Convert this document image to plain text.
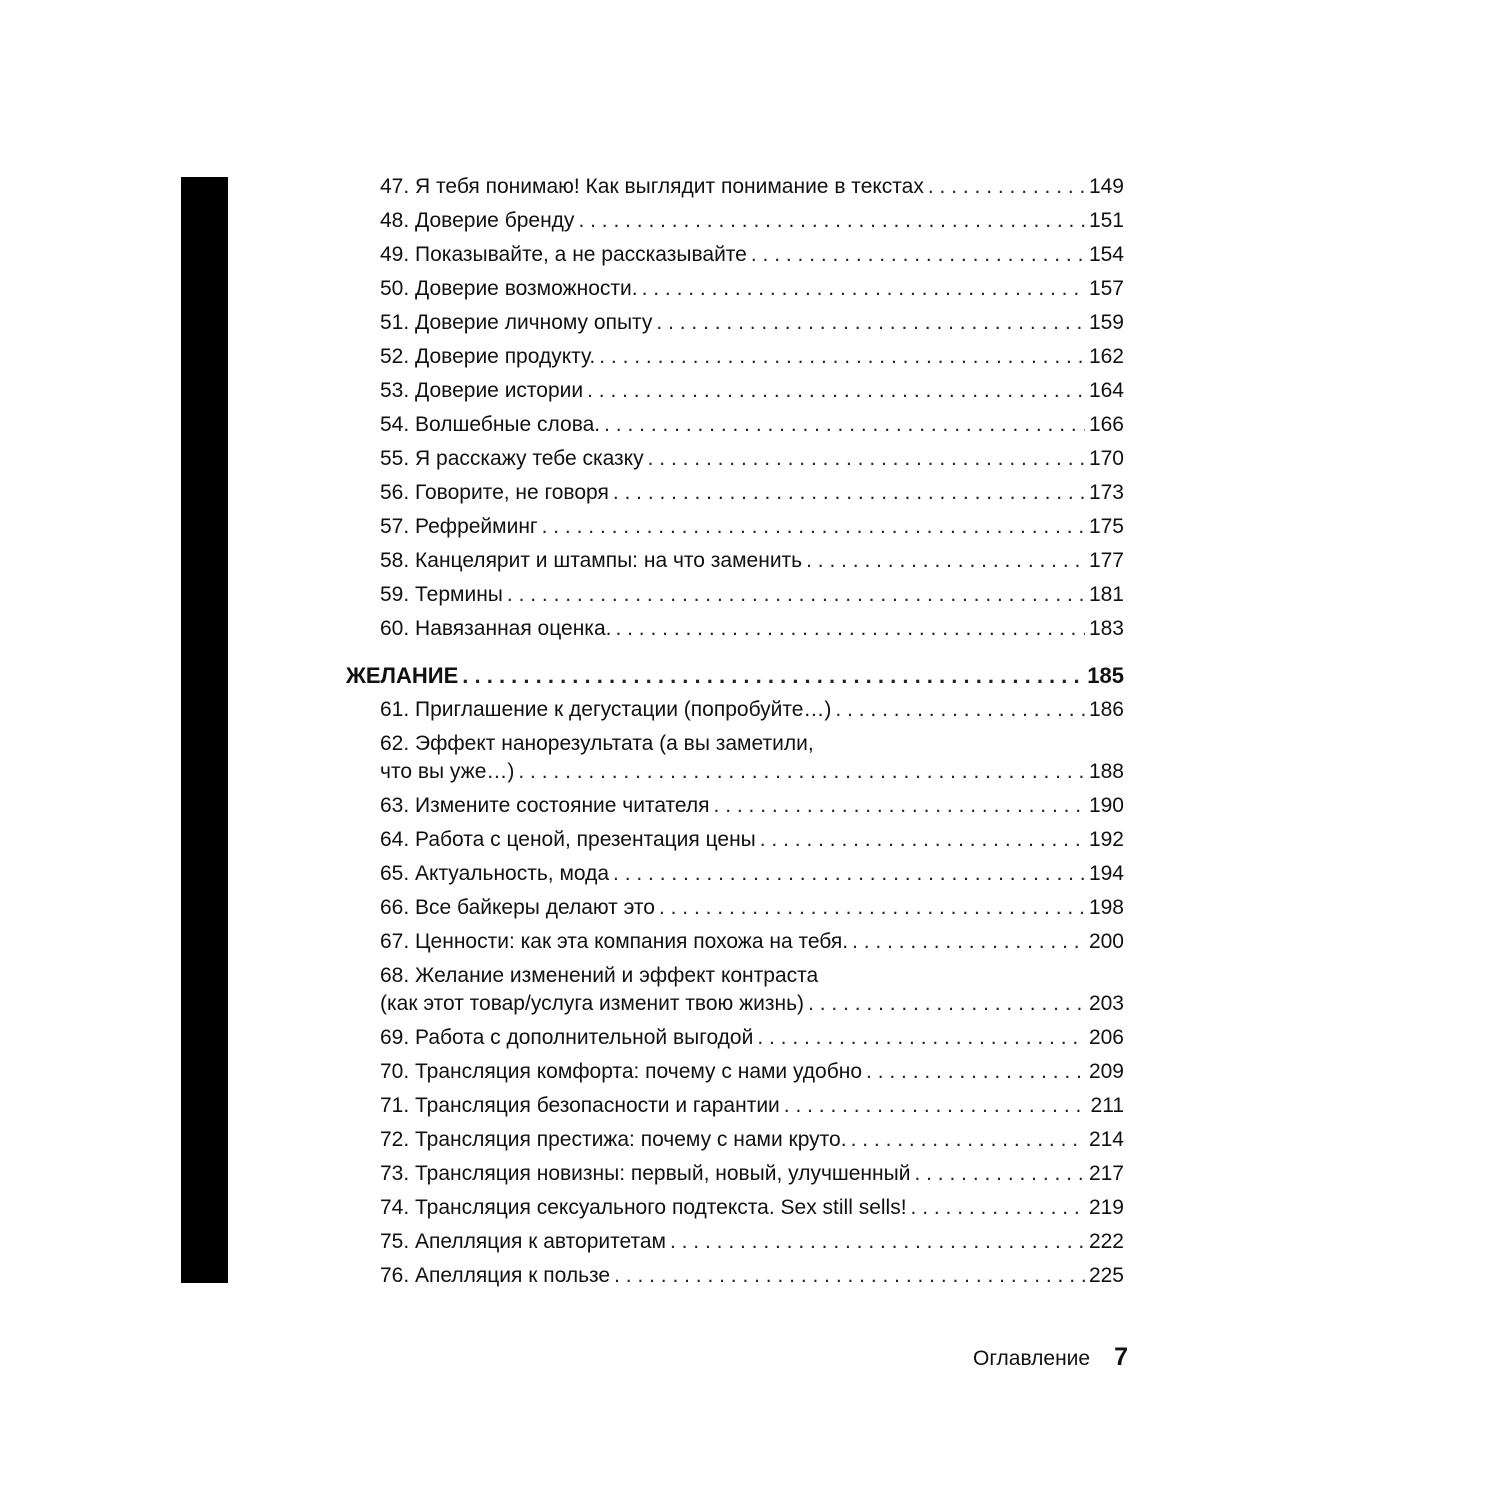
47. Я тебя понимаю! Как выглядит понимание в текстах . . .	149
48. Доверие бренду . . .	151
49. Показывайте, а не рассказывайте . . .	154
50. Доверие возможности. . . .	157
51. Доверие личному опыту . . .	159
52. Доверие продукту. . . .	162
53. Доверие истории . . .	164
54. Волшебные слова. . . .	166
55. Я расскажу тебе сказку . . .	170
56. Говорите, не говоря . . .	173
57. Рефрейминг . . .	175
58. Канцелярит и штампы: на что заменить . . .	177
59. Термины . . .	181
60. Навязанная оценка. . . .	183
ЖЕЛАНИЕ . . .	185
61. Приглашение к дегустации (попробуйте…) . . .	186
62. Эффект нанорезультата (а вы заметили,
что вы уже…) . . .	188
63. Измените состояние читателя . . .	190
64. Работа с ценой, презентация цены . . .	192
65. Актуальность, мода . . .	194
66. Все байкеры делают это . . .	198
67. Ценности: как эта компания похожа на тебя. . . .	200
68. Желание изменений и эффект контраста
(как этот товар/услуга изменит твою жизнь) . . .	203
69. Работа с дополнительной выгодой . . .	206
70. Трансляция комфорта: почему с нами удобно . . .	209
71. Трансляция безопасности и гарантии . . .	211
72. Трансляция престижа: почему с нами круто. . . .	214
73. Трансляция новизны: первый, новый, улучшенный . . .	217
74. Трансляция сексуального подтекста. Sex still sells! . . .	219
75. Апелляция к авторитетам . . .	222
76. Апелляция к пользе . . .	225
Оглавление 7
